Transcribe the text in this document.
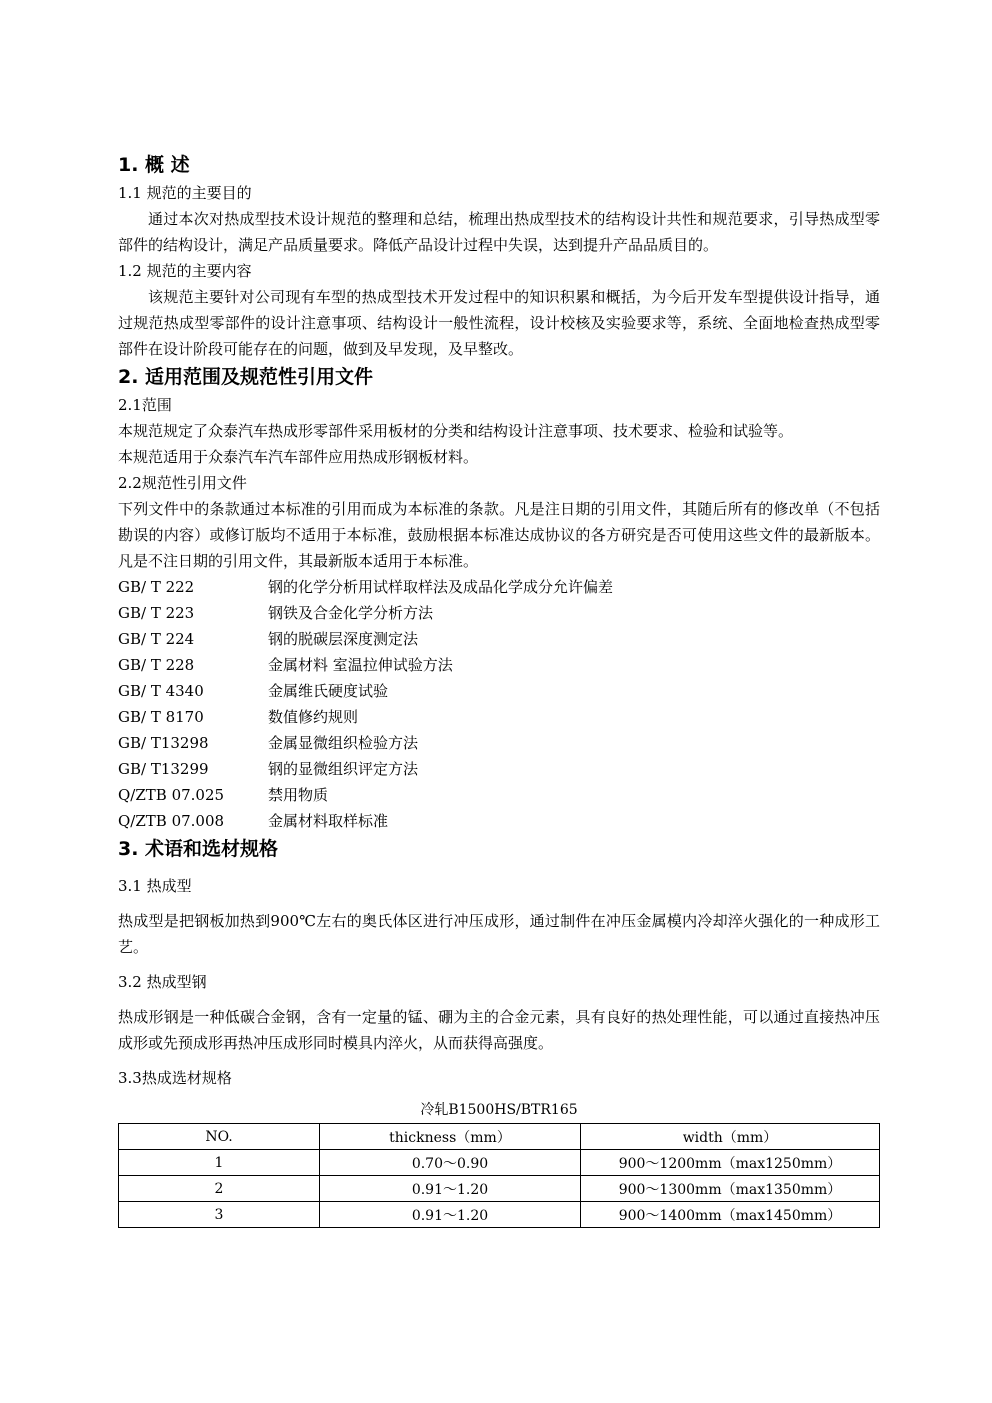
1. 概 述
1.1 规范的主要目的
通过本次对热成型技术设计规范的整理和总结，梳理出热成型技术的结构设计共性和规范要求，引导热成型零部件的结构设计，满足产品质量要求。降低产品设计过程中失误，达到提升产品品质目的。
1.2 规范的主要内容
该规范主要针对公司现有车型的热成型技术开发过程中的知识积累和概括，为今后开发车型提供设计指导，通过规范热成型零部件的设计注意事项、结构设计一般性流程，设计校核及实验要求等，系统、全面地检查热成型零部件在设计阶段可能存在的问题，做到及早发现，及早整改。
2. 适用范围及规范性引用文件
2.1范围
本规范规定了众泰汽车热成形零部件采用板材的分类和结构设计注意事项、技术要求、检验和试验等。
本规范适用于众泰汽车汽车部件应用热成形钢板材料。
2.2规范性引用文件
下列文件中的条款通过本标准的引用而成为本标准的条款。凡是注日期的引用文件，其随后所有的修改单（不包括勘误的内容）或修订版均不适用于本标准，鼓励根据本标准达成协议的各方研究是否可使用这些文件的最新版本。凡是不注日期的引用文件，其最新版本适用于本标准。
GB/ T 222	钢的化学分析用试样取样法及成品化学成分允许偏差
GB/ T 223	钢铁及合金化学分析方法
GB/ T 224	钢的脱碳层深度测定法
GB/ T 228	金属材料 室温拉伸试验方法
GB/ T 4340	金属维氏硬度试验
GB/ T 8170	数值修约规则
GB/ T13298	金属显微组织检验方法
GB/ T13299	钢的显微组织评定方法
Q/ZTB 07.025	禁用物质
Q/ZTB 07.008	金属材料取样标准
3. 术语和选材规格
3.1 热成型
热成型是把钢板加热到900℃左右的奥氏体区进行冲压成形，通过制件在冲压金属模内冷却淬火强化的一种成形工艺。
3.2 热成型钢
热成形钢是一种低碳合金钢，含有一定量的锰、硼为主的合金元素，具有良好的热处理性能，可以通过直接热冲压成形或先预成形再热冲压成形同时模具内淬火，从而获得高强度。
3.3热成选材规格
冷轧B1500HS/BTR165
NO.	thickness（mm）	width（mm）
1	0.70～0.90	900～1200mm（max1250mm）
2	0.91～1.20	900～1300mm（max1350mm）
3	0.91～1.20	900～1400mm（max1450mm）
